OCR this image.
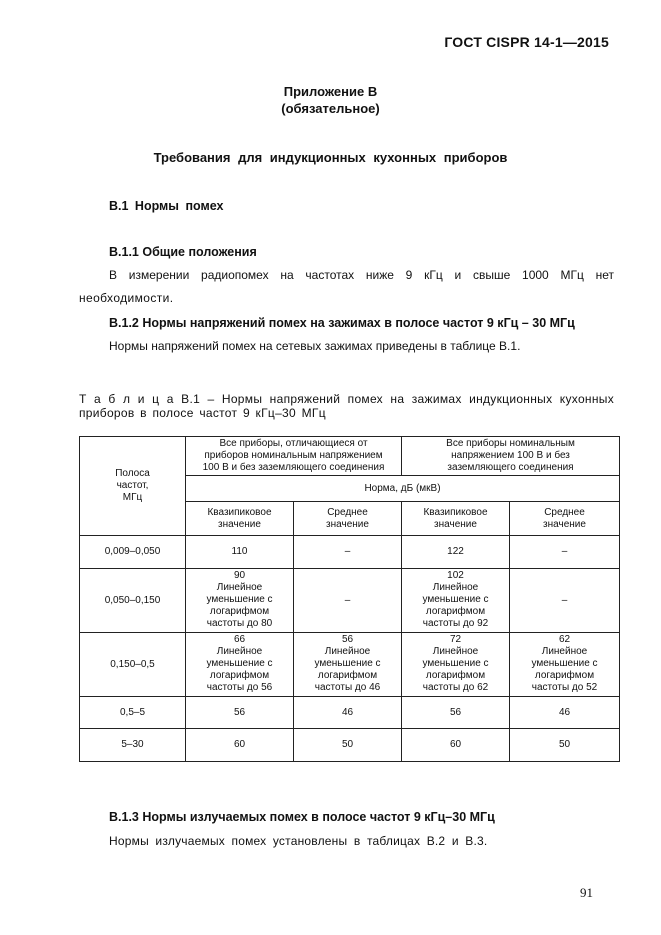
ГОСТ CISPR 14-1—2015
Приложение В
(обязательное)
Требования для индукционных кухонных приборов
В.1 Нормы помех
В.1.1 Общие положения
В измерении радиопомех на частотах ниже 9 кГц и свыше 1000 МГц нет
необходимости.
В.1.2 Нормы напряжений помех на зажимах в полосе частот 9 кГц – 30 МГц
Нормы напряжений помех на сетевых зажимах приведены в таблице В.1.
Т а б л и ц а В.1 – Нормы напряжений помех на зажимах индукционных кухонных
приборов в полосе частот 9 кГц–30 МГц
Полоса
частот,
МГц	Все приборы, отличающиеся от
приборов номинальным напряжением
100 В и без заземляющего соединения		Все приборы номинальным
напряжением 100 В и без
заземляющего соединения	
	Норма, дБ (мкВ)			
	Квазипиковое
значение	Среднее
значение	Квазипиковое
значение	Среднее
значение
0,009–0,050	110	–	122	–
0,050–0,150	90
Линейное
уменьшение с
логарифмом
частоты до 80	–	102
Линейное
уменьшение с
логарифмом
частоты до 92	–
0,150–0,5	66
Линейное
уменьшение с
логарифмом
частоты до 56	56
Линейное
уменьшение с
логарифмом
частоты до 46	72
Линейное
уменьшение с
логарифмом
частоты до 62	62
Линейное
уменьшение с
логарифмом
частоты до 52
0,5–5	56	46	56	46
5–30	60	50	60	50
В.1.3 Нормы излучаемых помех в полосе частот 9 кГц–30 МГц
Нормы излучаемых помех установлены в таблицах В.2 и В.3.
91
